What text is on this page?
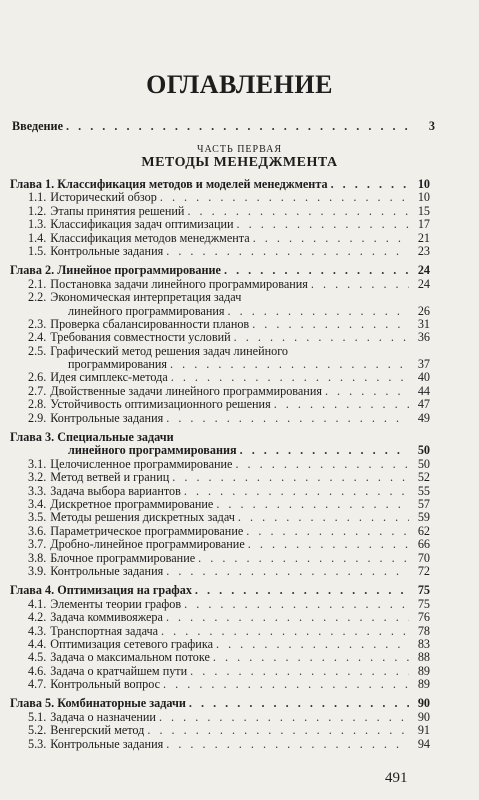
ОГЛАВЛЕНИЕ
Введение . . .	3
ЧАСТЬ ПЕРВАЯ
МЕТОДЫ МЕНЕДЖМЕНТА
Глава 1. Классификация методов и моделей менеджмента . . .	10
1.1. Исторический обзор . . .	10
1.2. Этапы принятия решений . . .	15
1.3. Классификация задач оптимизации . . .	17
1.4. Классификация методов менеджмента . . .	21
1.5. Контрольные задания . . .	23
Глава 2. Линейное программирование . . .	24
2.1. Постановка задачи линейного программирования . . .	24
2.2. Экономическая интерпретация задач
линейного программирования . . .	26
2.3. Проверка сбалансированности планов . . .	31
2.4. Требования совместности условий . . .	36
2.5. Графический метод решения задач линейного
программирования . . .	37
2.6. Идея симплекс-метода . . .	40
2.7. Двойственные задачи линейного программирования . . .	44
2.8. Устойчивость оптимизационного решения . . .	47
2.9. Контрольные задания . . .	49
Глава 3. Специальные задачи
линейного программирования . . .	50
3.1. Целочисленное программирование . . .	50
3.2. Метод ветвей и границ . . .	52
3.3. Задача выбора вариантов . . .	55
3.4. Дискретное программирование . . .	57
3.5. Методы решения дискретных задач . . .	59
3.6. Параметрическое программирование . . .	62
3.7. Дробно-линейное программирование . . .	66
3.8. Блочное программирование . . .	70
3.9. Контрольные задания . . .	72
Глава 4. Оптимизация на графах . . .	75
4.1. Элементы теории графов . . .	75
4.2. Задача коммивояжера . . .	76
4.3. Транспортная задача . . .	78
4.4. Оптимизация сетевого графика . . .	83
4.5. Задача о максимальном потоке . . .	88
4.6. Задача о кратчайшем пути . . .	89
4.7. Контрольный вопрос . . .	89
Глава 5. Комбинаторные задачи . . .	90
5.1. Задача о назначении . . .	90
5.2. Венгерский метод . . .	91
5.3. Контрольные задания . . .	94
491
